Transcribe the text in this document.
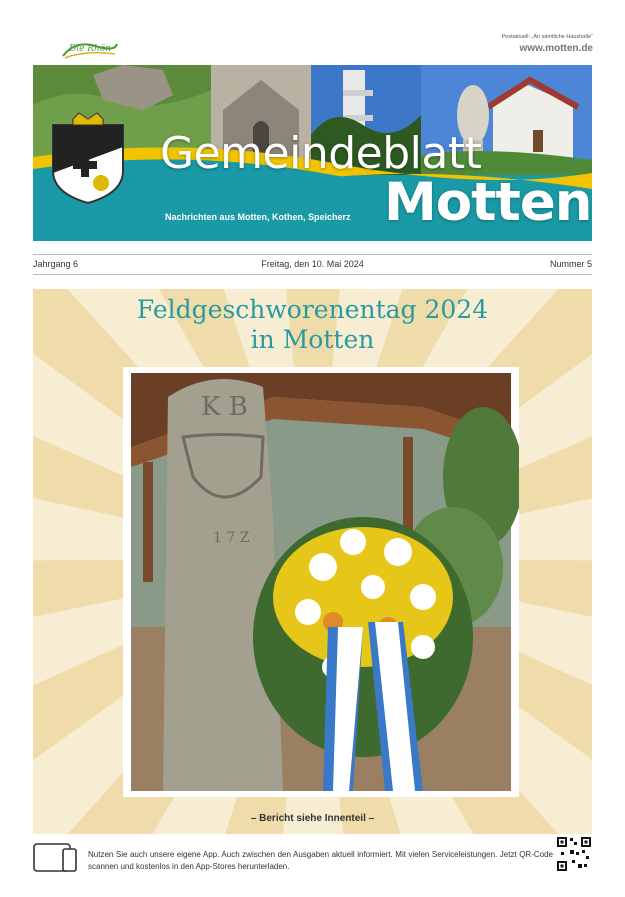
Die Rhön
Postaktuell: „An sämtliche Haushalte“
www.motten.de
Gemeindeblatt
Motten
Nachrichten aus Motten, Kothen, Speicherz
Jahrgang 6	Freitag, den 10. Mai 2024	Nummer 5
Feldgeschworenentag 2024
in Motten
K B
1 7 Z
– Bericht siehe Innenteil –
Nutzen Sie auch unsere eigene App. Auch zwischen den Ausgaben aktuell informiert. Mit vielen Serviceleistungen. Jetzt QR-Code scannen und kostenlos in den App-Stores herunterladen.
